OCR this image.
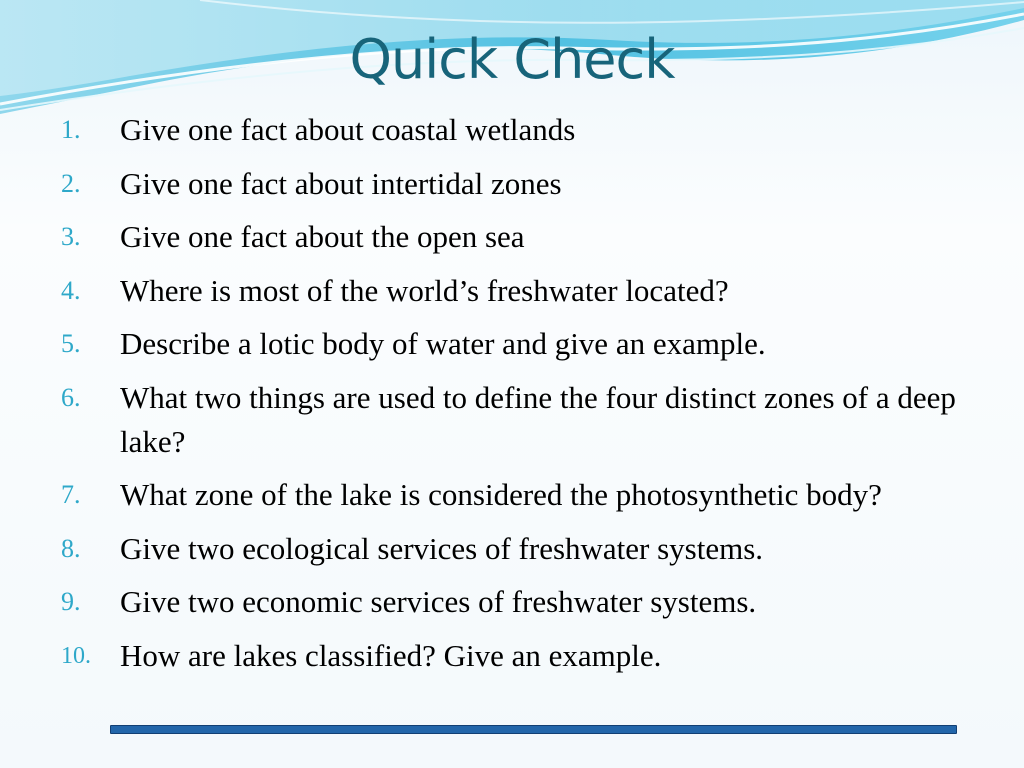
Quick Check
1. Give one fact about coastal wetlands
2. Give one fact about intertidal zones
3. Give one fact about the open sea
4. Where is most of the world’s freshwater located?
5. Describe a lotic body of water and give an example.
6. What two things are used to define the four distinct zones of a deep lake?
7. What zone of the lake is considered the photosynthetic body?
8. Give two ecological services of freshwater systems.
9. Give two economic services of freshwater systems.
10. How are lakes classified? Give an example.
